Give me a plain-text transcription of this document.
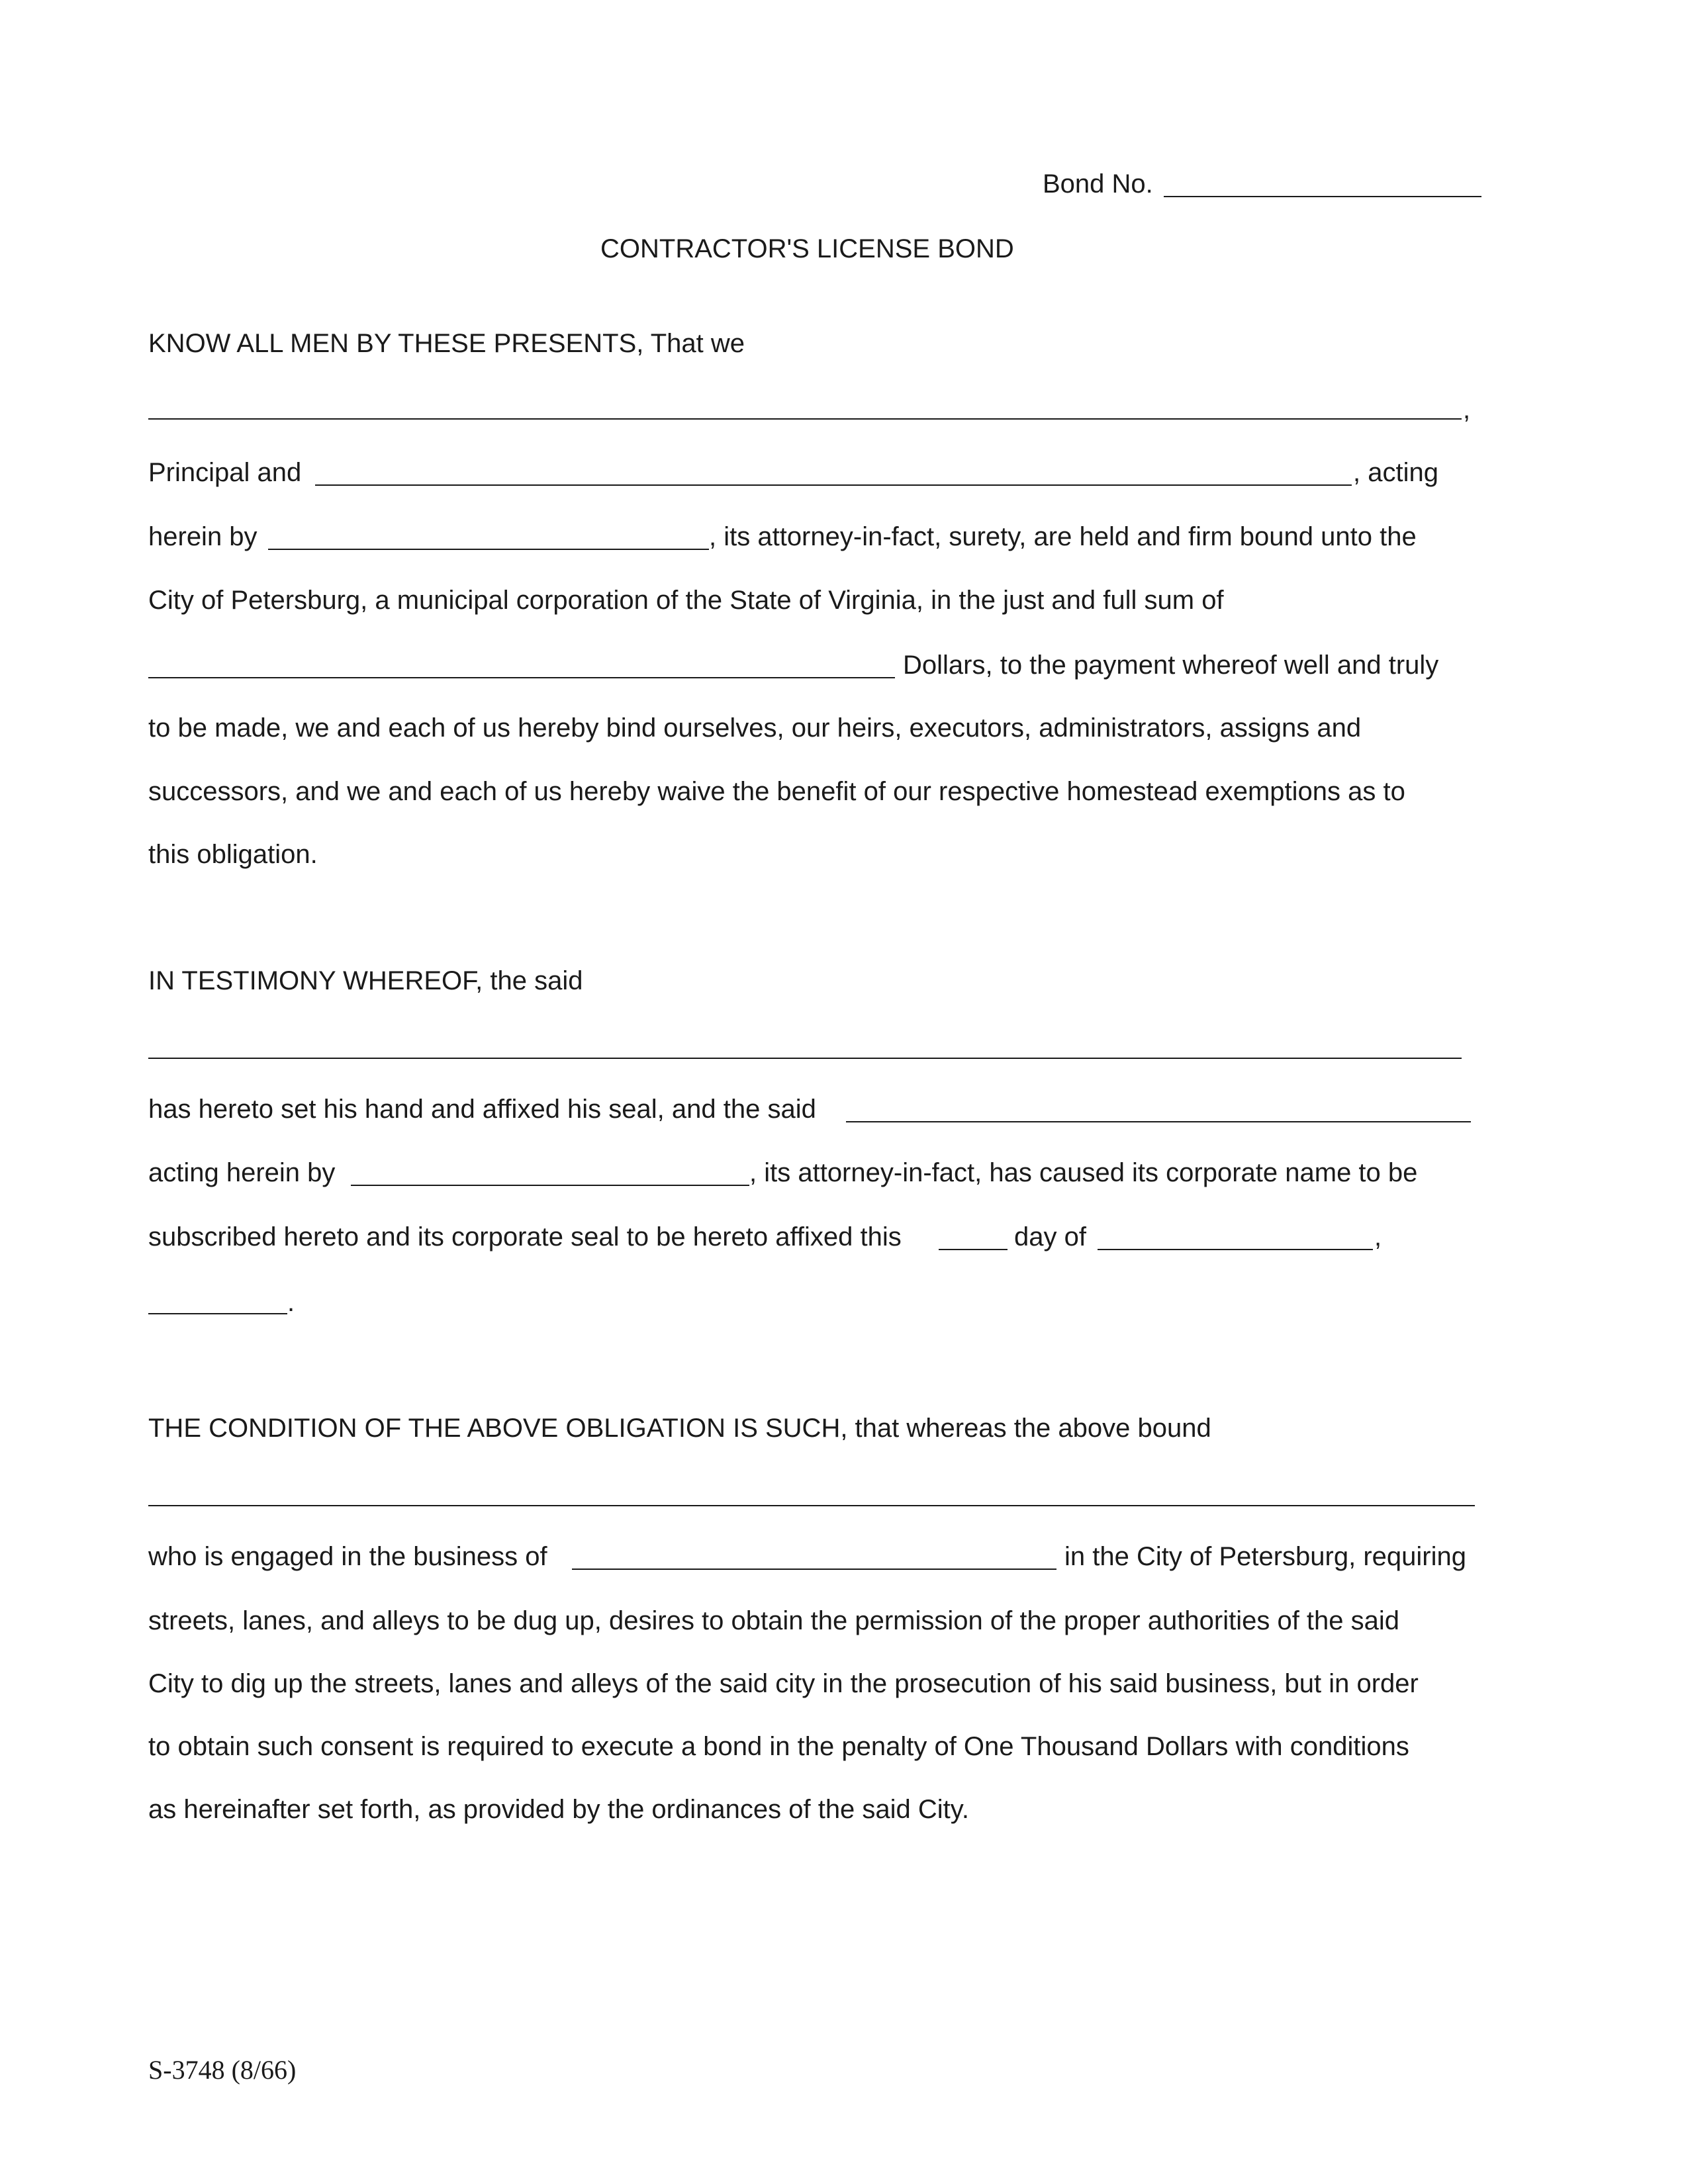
Bond No.
CONTRACTOR'S LICENSE BOND
KNOW ALL MEN BY THESE PRESENTS, That we
,
Principal and	, acting
herein by	, its attorney-in-fact, surety, are held and firm bound unto the
City of Petersburg, a municipal corporation of the State of Virginia, in the just and full sum of
Dollars, to the payment whereof well and truly
to be made, we and each of us hereby bind ourselves, our heirs, executors, administrators, assigns and
successors, and we and each of us hereby waive the benefit of our respective homestead exemptions as to
this obligation.
IN TESTIMONY WHEREOF, the said
has hereto set his hand and affixed his seal, and the said
acting herein by	, its attorney-in-fact, has caused its corporate name to be
subscribed hereto and its corporate seal to be hereto affixed this	day of	,
.
THE CONDITION OF THE ABOVE OBLIGATION IS SUCH, that whereas the above bound
who is engaged in the business of	in the City of Petersburg, requiring
streets, lanes, and alleys to be dug up, desires to obtain the permission of the proper authorities of the said
City to dig up the streets, lanes and alleys of the said city in the prosecution of his said business, but in order
to obtain such consent is required to execute a bond in the penalty of One Thousand Dollars with conditions
as hereinafter set forth, as provided by the ordinances of the said City.
S-3748 (8/66)
